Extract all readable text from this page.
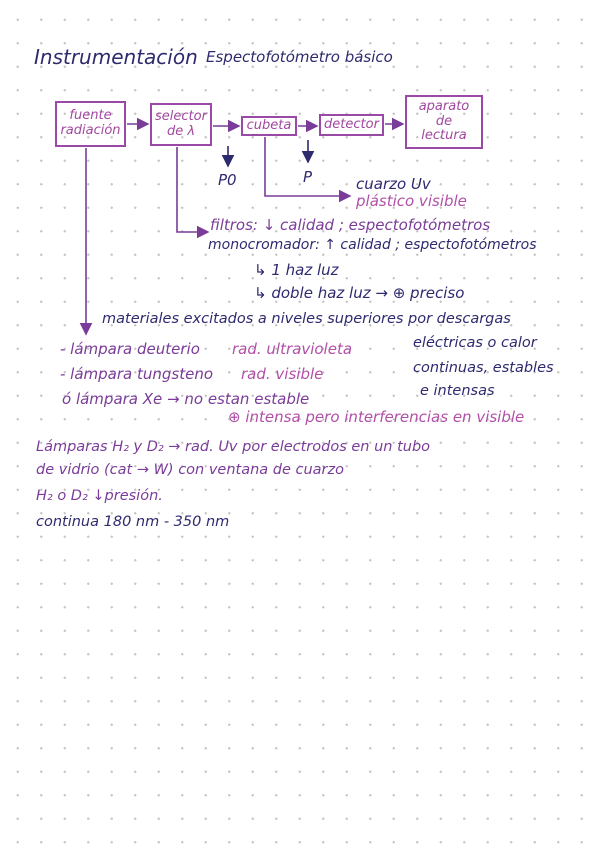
Instrumentación Espectofotómetro básico
fuente
radiación
selector
de λ	cubeta	detector
aparato
de
lectura
P0	P	cuarzo Uv
plástico visible
filtros: ↓ calidad ; espectofotómetros
monocromador: ↑ calidad ; espectofotómetros
↳ 1 haz luz
↳ doble haz luz → ⊕ preciso
materiales excitados a niveles superiores por descargas
eléctricas o calor
continuas, estables
e intensas
- lámpara deuterio rad. ultravioleta
- lámpara tungsteno rad. visible
ó lámpara Xe → no estan estable
⊕ intensa pero interferencias en visible
Lámparas H₂ y D₂ → rad. Uv por electrodos en un tubo
de vidrio (cat → W) con ventana de cuarzo
H₂ o D₂ ↓presión.
continua 180 nm - 350 nm
